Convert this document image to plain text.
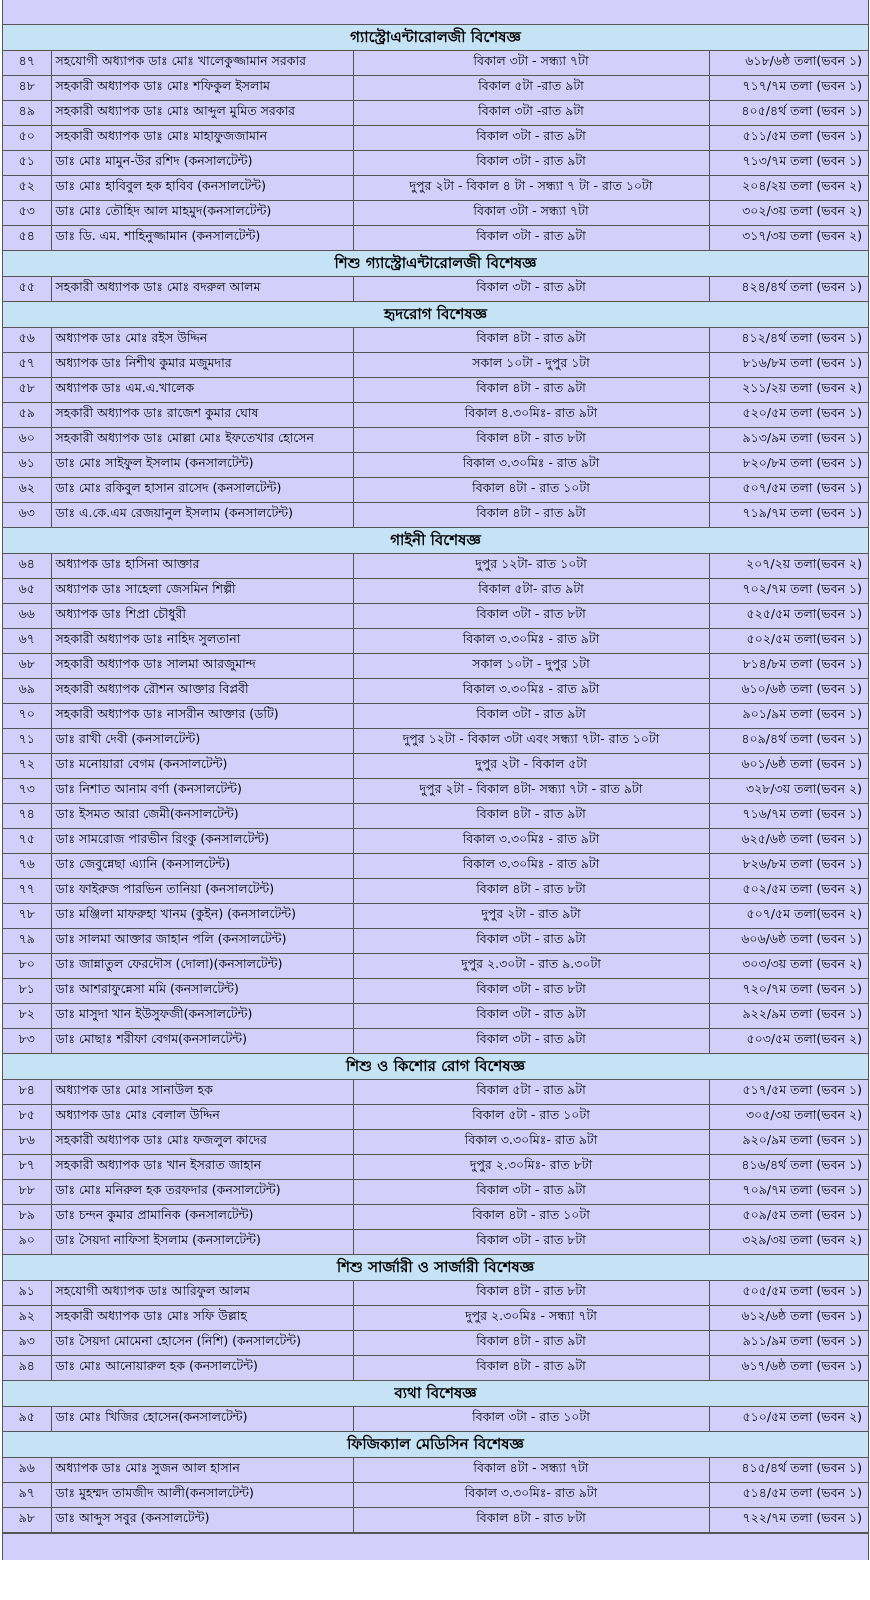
গ্যাস্ট্রোএন্টারোলজী বিশেষজ্ঞ
৪৭	সহযোগী অধ্যাপক ডাঃ মোঃ খালেকুজ্জামান সরকার	বিকাল ৩টা - সন্ধ্যা ৭টা	৬১৮/৬ষ্ঠ তলা(ভবন ১)
৪৮	সহকারী অধ্যাপক ডাঃ মোঃ শফিকুল ইসলাম	বিকাল ৫টা -রাত ৯টা	৭১৭/৭ম তলা (ভবন ১)
৪৯	সহকারী অধ্যাপক ডাঃ মোঃ আব্দুল মুমিত সরকার	বিকাল ৩টা -রাত ৯টা	৪০৫/৪র্থ তলা (ভবন ১)
৫০	সহকারী অধ্যাপক ডাঃ মোঃ মাহাফুজজামান	বিকাল ৩টা - রাত ৯টা	৫১১/৫ম তলা (ভবন ১)
৫১	ডাঃ মোঃ মামুন-উর রশিদ (কনসালটেন্ট)	বিকাল ৩টা - রাত ৯টা	৭১৩/৭ম তলা (ভবন ১)
৫২	ডাঃ মোঃ হাবিবুল হক হাবিব (কনসালটেন্ট)	দুপুর ২টা - বিকাল ৪ টা - সন্ধ্যা ৭ টা - রাত ১০টা	২০৪/২য় তলা (ভবন ২)
৫৩	ডাঃ মোঃ তৌহিদ আল মাহমুদ(কনসালটেন্ট)	বিকাল ৩টা - সন্ধ্যা ৭টা	৩০২/৩য় তলা (ভবন ২)
৫৪	ডাঃ ডি. এম. শাহিনুজ্জামান (কনসালটেন্ট)	বিকাল ৩টা - রাত ৯টা	৩১৭/৩য় তলা (ভবন ২)
শিশু গ্যাস্ট্রোএন্টারোলজী বিশেষজ্ঞ
৫৫	সহকারী অধ্যাপক ডাঃ মোঃ বদরুল আলম	বিকাল ৩টা - রাত ৯টা	৪২৪/৪র্থ তলা (ভবন ১)
হৃদরোগ বিশেষজ্ঞ
৫৬	অধ্যাপক ডাঃ মোঃ রইস উদ্দিন	বিকাল ৪টা - রাত ৯টা	৪১২/৪র্থ তলা (ভবন ১)
৫৭	অধ্যাপক ডাঃ নিশীথ কুমার মজুমদার	সকাল ১০টা - দুপুর ১টা	৮১৬/৮ম তলা (ভবন ১)
৫৮	অধ্যাপক ডাঃ এম.এ.খালেক	বিকাল ৪টা - রাত ৯টা	২১১/২য় তলা (ভবন ২)
৫৯	সহকারী অধ্যাপক ডাঃ রাজেশ কুমার ঘোষ	বিকাল ৪.৩০মিঃ- রাত ৯টা	৫২০/৫ম তলা (ভবন ১)
৬০	সহকারী অধ্যাপক ডাঃ মোল্লা মোঃ ইফতেখার হোসেন	বিকাল ৪টা - রাত ৮টা	৯১৩/৯ম তলা (ভবন ১)
৬১	ডাঃ মোঃ সাইফুল ইসলাম (কনসালটেন্ট)	বিকাল ৩.৩০মিঃ - রাত ৯টা	৮২০/৮ম তলা (ভবন ১)
৬২	ডাঃ মোঃ রকিবুল হাসান রাসেদ (কনসালটেন্ট)	বিকাল ৪টা - রাত ১০টা	৫০৭/৫ম তলা (ভবন ১)
৬৩	ডাঃ এ.কে.এম রেজয়ানুল ইসলাম (কনসালটেন্ট)	বিকাল ৪টা - রাত ৯টা	৭১৯/৭ম তলা (ভবন ১)
গাইনী বিশেষজ্ঞ
৬৪	অধ্যাপক ডাঃ হাসিনা আক্তার	দুপুর ১২টা- রাত ১০টা	২০৭/২য় তলা(ভবন ২)
৬৫	অধ্যাপক ডাঃ সাহেলা জেসমিন শিল্পী	বিকাল ৫টা- রাত ৯টা	৭০২/৭ম তলা (ভবন ১)
৬৬	অধ্যাপক ডাঃ শিপ্রা চৌধুরী	বিকাল ৩টা - রাত ৮টা	৫২৫/৫ম তলা(ভবন ১)
৬৭	সহকারী অধ্যাপক ডাঃ নাহিদ সুলতানা	বিকাল ৩.৩০মিঃ - রাত ৯টা	৫০২/৫ম তলা(ভবন ১)
৬৮	সহকারী অধ্যাপক ডাঃ সালমা আরজুমান্দ	সকাল ১০টা - দুপুর ১টা	৮১৪/৮ম তলা (ভবন ১)
৬৯	সহকারী অধ্যাপক রৌশন আক্তার বিপ্লবী	বিকাল ৩.৩০মিঃ - রাত ৯টা	৬১০/৬ষ্ঠ তলা (ভবন ১)
৭০	সহকারী অধ্যাপক ডাঃ নাসরীন আক্তার (ডটি)	বিকাল ৩টা - রাত ৯টা	৯০১/৯ম তলা (ভবন ১)
৭১	ডাঃ রাখী দেবী (কনসালটেন্ট)	দুপুর ১২টা - বিকাল ৩টা এবং সন্ধ্যা ৭টা- রাত ১০টা	৪০৯/৪র্থ তলা (ভবন ১)
৭২	ডাঃ মনোয়ারা বেগম (কনসালটেন্ট)	দুপুর ২টা - বিকাল ৫টা	৬০১/৬ষ্ঠ তলা (ভবন ১)
৭৩	ডাঃ নিশাত আনাম বর্ণা (কনসালটেন্ট)	দুপুর ২টা - বিকাল ৪টা- সন্ধ্যা ৭টা - রাত ৯টা	৩২৮/৩য় তলা(ভবন ২)
৭৪	ডাঃ ইসমত আরা জেমী(কনসালটেন্ট)	বিকাল ৪টা - রাত ৯টা	৭১৬/৭ম তলা (ভবন ১)
৭৫	ডাঃ সামরোজ পারভীন রিংকু (কনসালটেন্ট)	বিকাল ৩.৩০মিঃ - রাত ৯টা	৬২৫/৬ষ্ঠ তলা (ভবন ১)
৭৬	ডাঃ জেবুন্নেছা এ্যানি (কনসালটেন্ট)	বিকাল ৩.৩০মিঃ - রাত ৯টা	৮২৬/৮ম তলা (ভবন ১)
৭৭	ডাঃ ফাইরুজ পারভিন তানিয়া (কনসালটেন্ট)	বিকাল ৪টা - রাত ৮টা	৫০২/৫ম তলা (ভবন ২)
৭৮	ডাঃ মঞ্জিলা মাফরুহা খানম (কুইন) (কনসালটেন্ট)	দুপুর ২টা - রাত ৯টা	৫০৭/৫ম তলা(ভবন ২)
৭৯	ডাঃ সালমা আক্তার জাহান পলি (কনসালটেন্ট)	বিকাল ৩টা - রাত ৯টা	৬০৬/৬ষ্ঠ তলা (ভবন ১)
৮০	ডাঃ জান্নাতুল ফেরদৌস (দোলা)(কনসালটেন্ট)	দুপুর ২.৩০টা - রাত ৯.৩০টা	৩০৩/৩য় তলা (ভবন ২)
৮১	ডাঃ আশরাফুন্নেসা মমি (কনসালটেন্ট)	বিকাল ৩টা - রাত ৮টা	৭২০/৭ম তলা (ভবন ১)
৮২	ডাঃ মাসুদা খান ইউসুফজী(কনসালটেন্ট)	বিকাল ৩টা - রাত ৯টা	৯২২/৯ম তলা (ভবন ১)
৮৩	ডাঃ মোছাঃ শরীফা বেগম(কনসালটেন্ট)	বিকাল ৩টা - রাত ৯টা	৫০৩/৫ম তলা(ভবন ২)
শিশু ও কিশোর রোগ বিশেষজ্ঞ
৮৪	অধ্যাপক ডাঃ মোঃ সানাউল হক	বিকাল ৫টা - রাত ৯টা	৫১৭/৫ম তলা (ভবন ১)
৮৫	অধ্যাপক ডাঃ মোঃ বেলাল উদ্দিন	বিকাল ৫টা - রাত ১০টা	৩০৫/৩য় তলা(ভবন ২)
৮৬	সহকারী অধ্যাপক ডাঃ মোঃ ফজলুল কাদের	বিকাল ৩.৩০মিঃ- রাত ৯টা	৯২০/৯ম তলা (ভবন ১)
৮৭	সহকারী অধ্যাপক ডাঃ খান ইসরাত জাহান	দুপুর ২.৩০মিঃ- রাত ৮টা	৪১৬/৪র্থ তলা (ভবন ১)
৮৮	ডাঃ মোঃ মনিরুল হক তরফদার (কনসালটেন্ট)	বিকাল ৩টা - রাত ৯টা	৭০৯/৭ম তলা (ভবন ১)
৮৯	ডাঃ চন্দন কুমার প্রামানিক (কনসালটেন্ট)	বিকাল ৪টা - রাত ১০টা	৫০৯/৫ম তলা (ভবন ১)
৯০	ডাঃ সৈয়দা নাফিসা ইসলাম (কনসালটেন্ট)	বিকাল ৩টা - রাত ৮টা	৩২৯/৩য় তলা (ভবন ২)
শিশু সার্জারী ও সার্জারী বিশেষজ্ঞ
৯১	সহযোগী অধ্যাপক ডাঃ আরিফুল আলম	বিকাল ৪টা - রাত ৮টা	৫০৫/৫ম তলা (ভবন ১)
৯২	সহকারী অধ্যাপক ডাঃ মোঃ সফি উল্লাহ	দুপুর ২.৩০মিঃ - সন্ধ্যা ৭টা	৬১২/৬ষ্ঠ তলা (ভবন ১)
৯৩	ডাঃ সৈয়দা মোমেনা হোসেন (নিশি) (কনসালটেন্ট)	বিকাল ৪টা - রাত ৯টা	৯১১/৯ম তলা (ভবন ১)
৯৪	ডাঃ মোঃ আনোয়ারুল হক (কনসালটেন্ট)	বিকাল ৪টা - রাত ৯টা	৬১৭/৬ষ্ঠ তলা (ভবন ১)
ব্যথা বিশেষজ্ঞ
৯৫	ডাঃ মোঃ খিজির হোসেন(কনসালটেন্ট)	বিকাল ৩টা - রাত ১০টা	৫১০/৫ম তলা (ভবন ২)
ফিজিক্যাল মেডিসিন বিশেষজ্ঞ
৯৬	অধ্যাপক ডাঃ মোঃ সুজন আল হাসান	বিকাল ৪টা - সন্ধ্যা ৭টা	৪১৫/৪র্থ তলা (ভবন ১)
৯৭	ডাঃ মুহম্মদ তামজীদ আলী(কনসালটেন্ট)	বিকাল ৩.৩০মিঃ- রাত ৯টা	৫১৪/৫ম তলা (ভবন ১)
৯৮	ডাঃ আব্দুস সবুর (কনসালটেন্ট)	বিকাল ৪টা - রাত ৮টা	৭২২/৭ম তলা (ভবন ১)
